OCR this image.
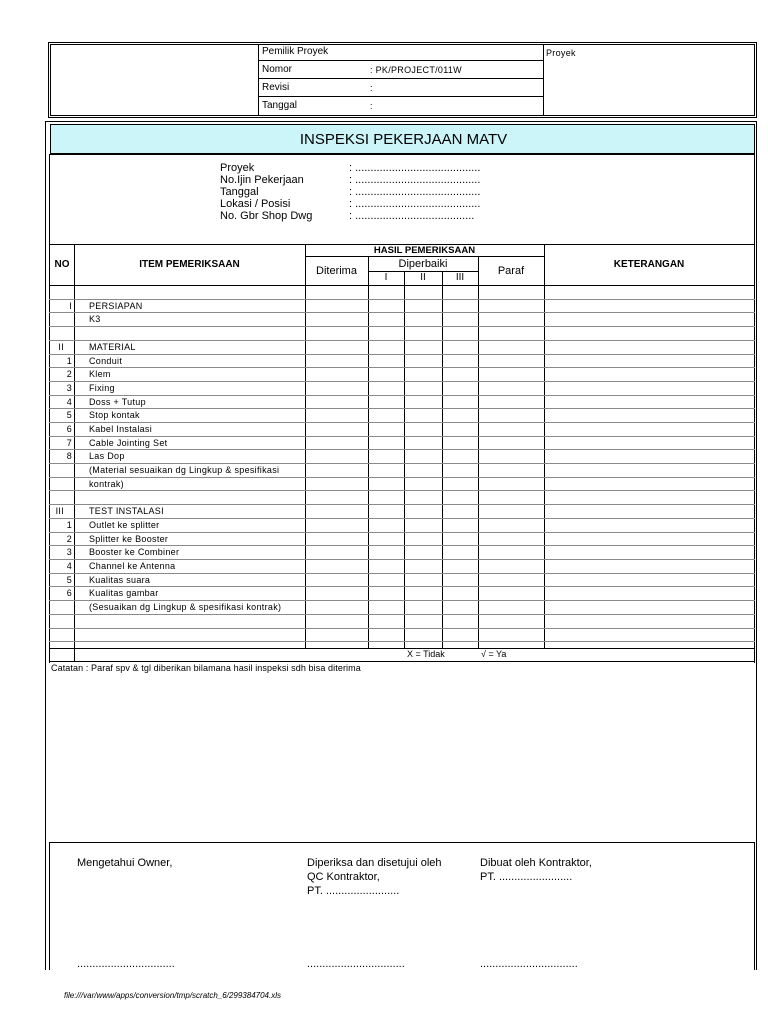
Pemilik Proyek
Nomor	: PK/PROJECT/011W
Revisi	:
Tanggal	:
Proyek
INSPEKSI PEKERJAAN MATV
Proyek	: .........................................
No.Ijin Pekerjaan	: .........................................
Tanggal	: .........................................
Lokasi / Posisi	: .........................................
No. Gbr Shop Dwg	: .......................................
NO	ITEM PEMERIKSAAN
HASIL PEMERIKSAAN
Diterima
Diperbaiki
I	II	III
Paraf
KETERANGAN
I PERSIAPAN
K3
II	MATERIAL
1 Conduit
2 Klem
3 Fixing
4 Doss + Tutup
5 Stop kontak
6 Kabel Instalasi
7 Cable Jointing Set
8 Las Dop
(Material sesuaikan dg Lingkup & spesifikasi
kontrak)
III	TEST INSTALASI
1 Outlet ke splitter
2 Splitter ke Booster
3 Booster ke Combiner
4 Channel ke Antenna
5 Kualitas suara
6 Kualitas gambar
(Sesuaikan dg Lingkup & spesifikasi kontrak)
X = Tidak	√ = Ya
Catatan : Paraf spv & tgl diberikan bilamana hasil inspeksi sdh bisa diterima
Mengetahui Owner,	Diperiksa dan disetujui oleh
QC Kontraktor,
PT. ........................
Dibuat oleh Kontraktor,
PT. ........................
................................	................................	................................
file:///var/www/apps/conversion/tmp/scratch_6/299384704.xls
